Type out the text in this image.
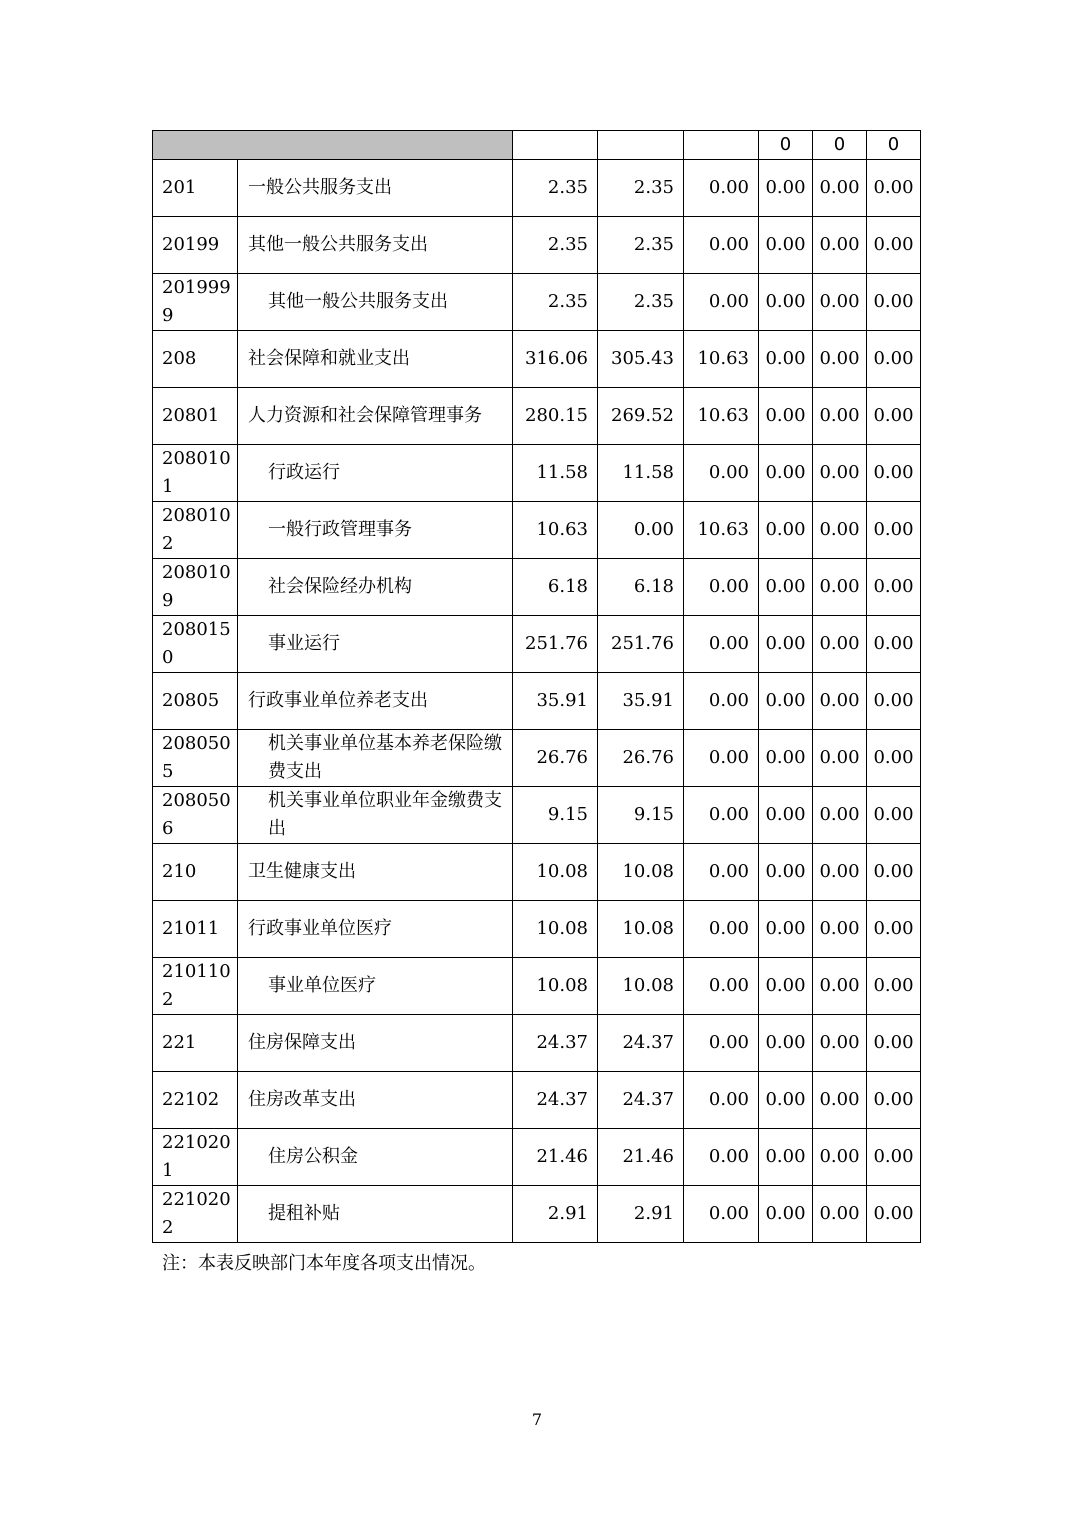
					0	0	0
201	一般公共服务支出	2.35	2.35	0.00	0.00	0.00	0.00
20199	其他一般公共服务支出	2.35	2.35	0.00	0.00	0.00	0.00
2019999	其他一般公共服务支出	2.35	2.35	0.00	0.00	0.00	0.00
208	社会保障和就业支出	316.06	305.43	10.63	0.00	0.00	0.00
20801	人力资源和社会保障管理事务	280.15	269.52	10.63	0.00	0.00	0.00
2080101	行政运行	11.58	11.58	0.00	0.00	0.00	0.00
2080102	一般行政管理事务	10.63	0.00	10.63	0.00	0.00	0.00
2080109	社会保险经办机构	6.18	6.18	0.00	0.00	0.00	0.00
2080150	事业运行	251.76	251.76	0.00	0.00	0.00	0.00
20805	行政事业单位养老支出	35.91	35.91	0.00	0.00	0.00	0.00
2080505	机关事业单位基本养老保险缴费支出	26.76	26.76	0.00	0.00	0.00	0.00
2080506	机关事业单位职业年金缴费支出	9.15	9.15	0.00	0.00	0.00	0.00
210	卫生健康支出	10.08	10.08	0.00	0.00	0.00	0.00
21011	行政事业单位医疗	10.08	10.08	0.00	0.00	0.00	0.00
2101102	事业单位医疗	10.08	10.08	0.00	0.00	0.00	0.00
221	住房保障支出	24.37	24.37	0.00	0.00	0.00	0.00
22102	住房改革支出	24.37	24.37	0.00	0.00	0.00	0.00
2210201	住房公积金	21.46	21.46	0.00	0.00	0.00	0.00
2210202	提租补贴	2.91	2.91	0.00	0.00	0.00	0.00
注：本表反映部门本年度各项支出情况。
7
